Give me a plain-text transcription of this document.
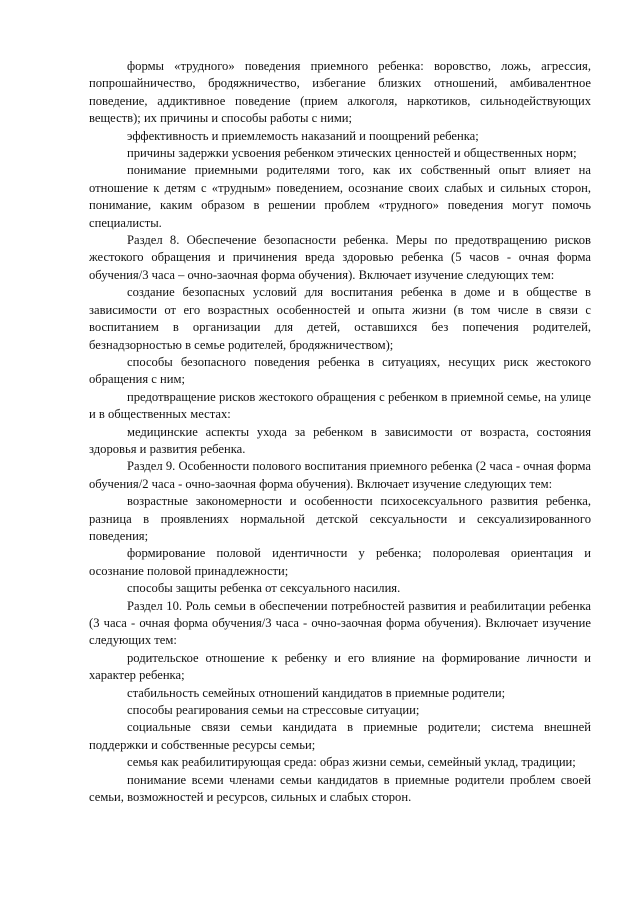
формы «трудного» поведения приемного ребенка: воровство, ложь, агрессия, попрошайничество, бродяжничество, избегание близких отношений, амбивалентное поведение, аддиктивное поведение (прием алкоголя, наркотиков, сильнодействующих веществ); их причины и способы работы с ними;

эффективность и приемлемость наказаний и поощрений ребенка;

причины задержки усвоения ребенком этических ценностей и общественных норм;

понимание приемными родителями того, как их собственный опыт влияет на отношение к детям с «трудным» поведением, осознание своих слабых и сильных сторон, понимание, каким образом в решении проблем «трудного» поведения могут помочь специалисты.

Раздел 8. Обеспечение безопасности ребенка. Меры по предотвращению рисков жестокого обращения и причинения вреда здоровью ребенка (5 часов - очная форма обучения/3 часа – очно-заочная форма обучения). Включает изучение следующих тем:

создание безопасных условий для воспитания ребенка в доме и в обществе в зависимости от его возрастных особенностей и опыта жизни (в том числе в связи с воспитанием в организации для детей, оставшихся без попечения родителей, безнадзорностью в семье родителей, бродяжничеством);

способы безопасного поведения ребенка в ситуациях, несущих риск жестокого обращения с ним;

предотвращение рисков жестокого обращения с ребенком в приемной семье, на улице и в общественных местах:

медицинские аспекты ухода за ребенком в зависимости от возраста, состояния здоровья и развития ребенка.

Раздел 9. Особенности полового воспитания приемного ребенка (2 часа - очная форма обучения/2 часа - очно-заочная форма обучения). Включает изучение следующих тем:

возрастные закономерности и особенности психосексуального развития ребенка, разница в проявлениях нормальной детской сексуальности и сексуализированного поведения;

формирование половой идентичности у ребенка; полоролевая ориентация и осознание половой принадлежности;

способы защиты ребенка от сексуального насилия.

Раздел 10. Роль семьи в обеспечении потребностей развития и реабилитации ребенка (3 часа - очная форма обучения/3 часа - очно-заочная форма обучения). Включает изучение следующих тем:

родительское отношение к ребенку и его влияние на формирование личности и характер ребенка;

стабильность семейных отношений кандидатов в приемные родители;

способы реагирования семьи на стрессовые ситуации;

социальные связи семьи кандидата в приемные родители; система внешней поддержки и собственные ресурсы семьи;

семья как реабилитирующая среда: образ жизни семьи, семейный уклад, традиции;

понимание всеми членами семьи кандидатов в приемные родители проблем своей семьи, возможностей и ресурсов, сильных и слабых сторон.
